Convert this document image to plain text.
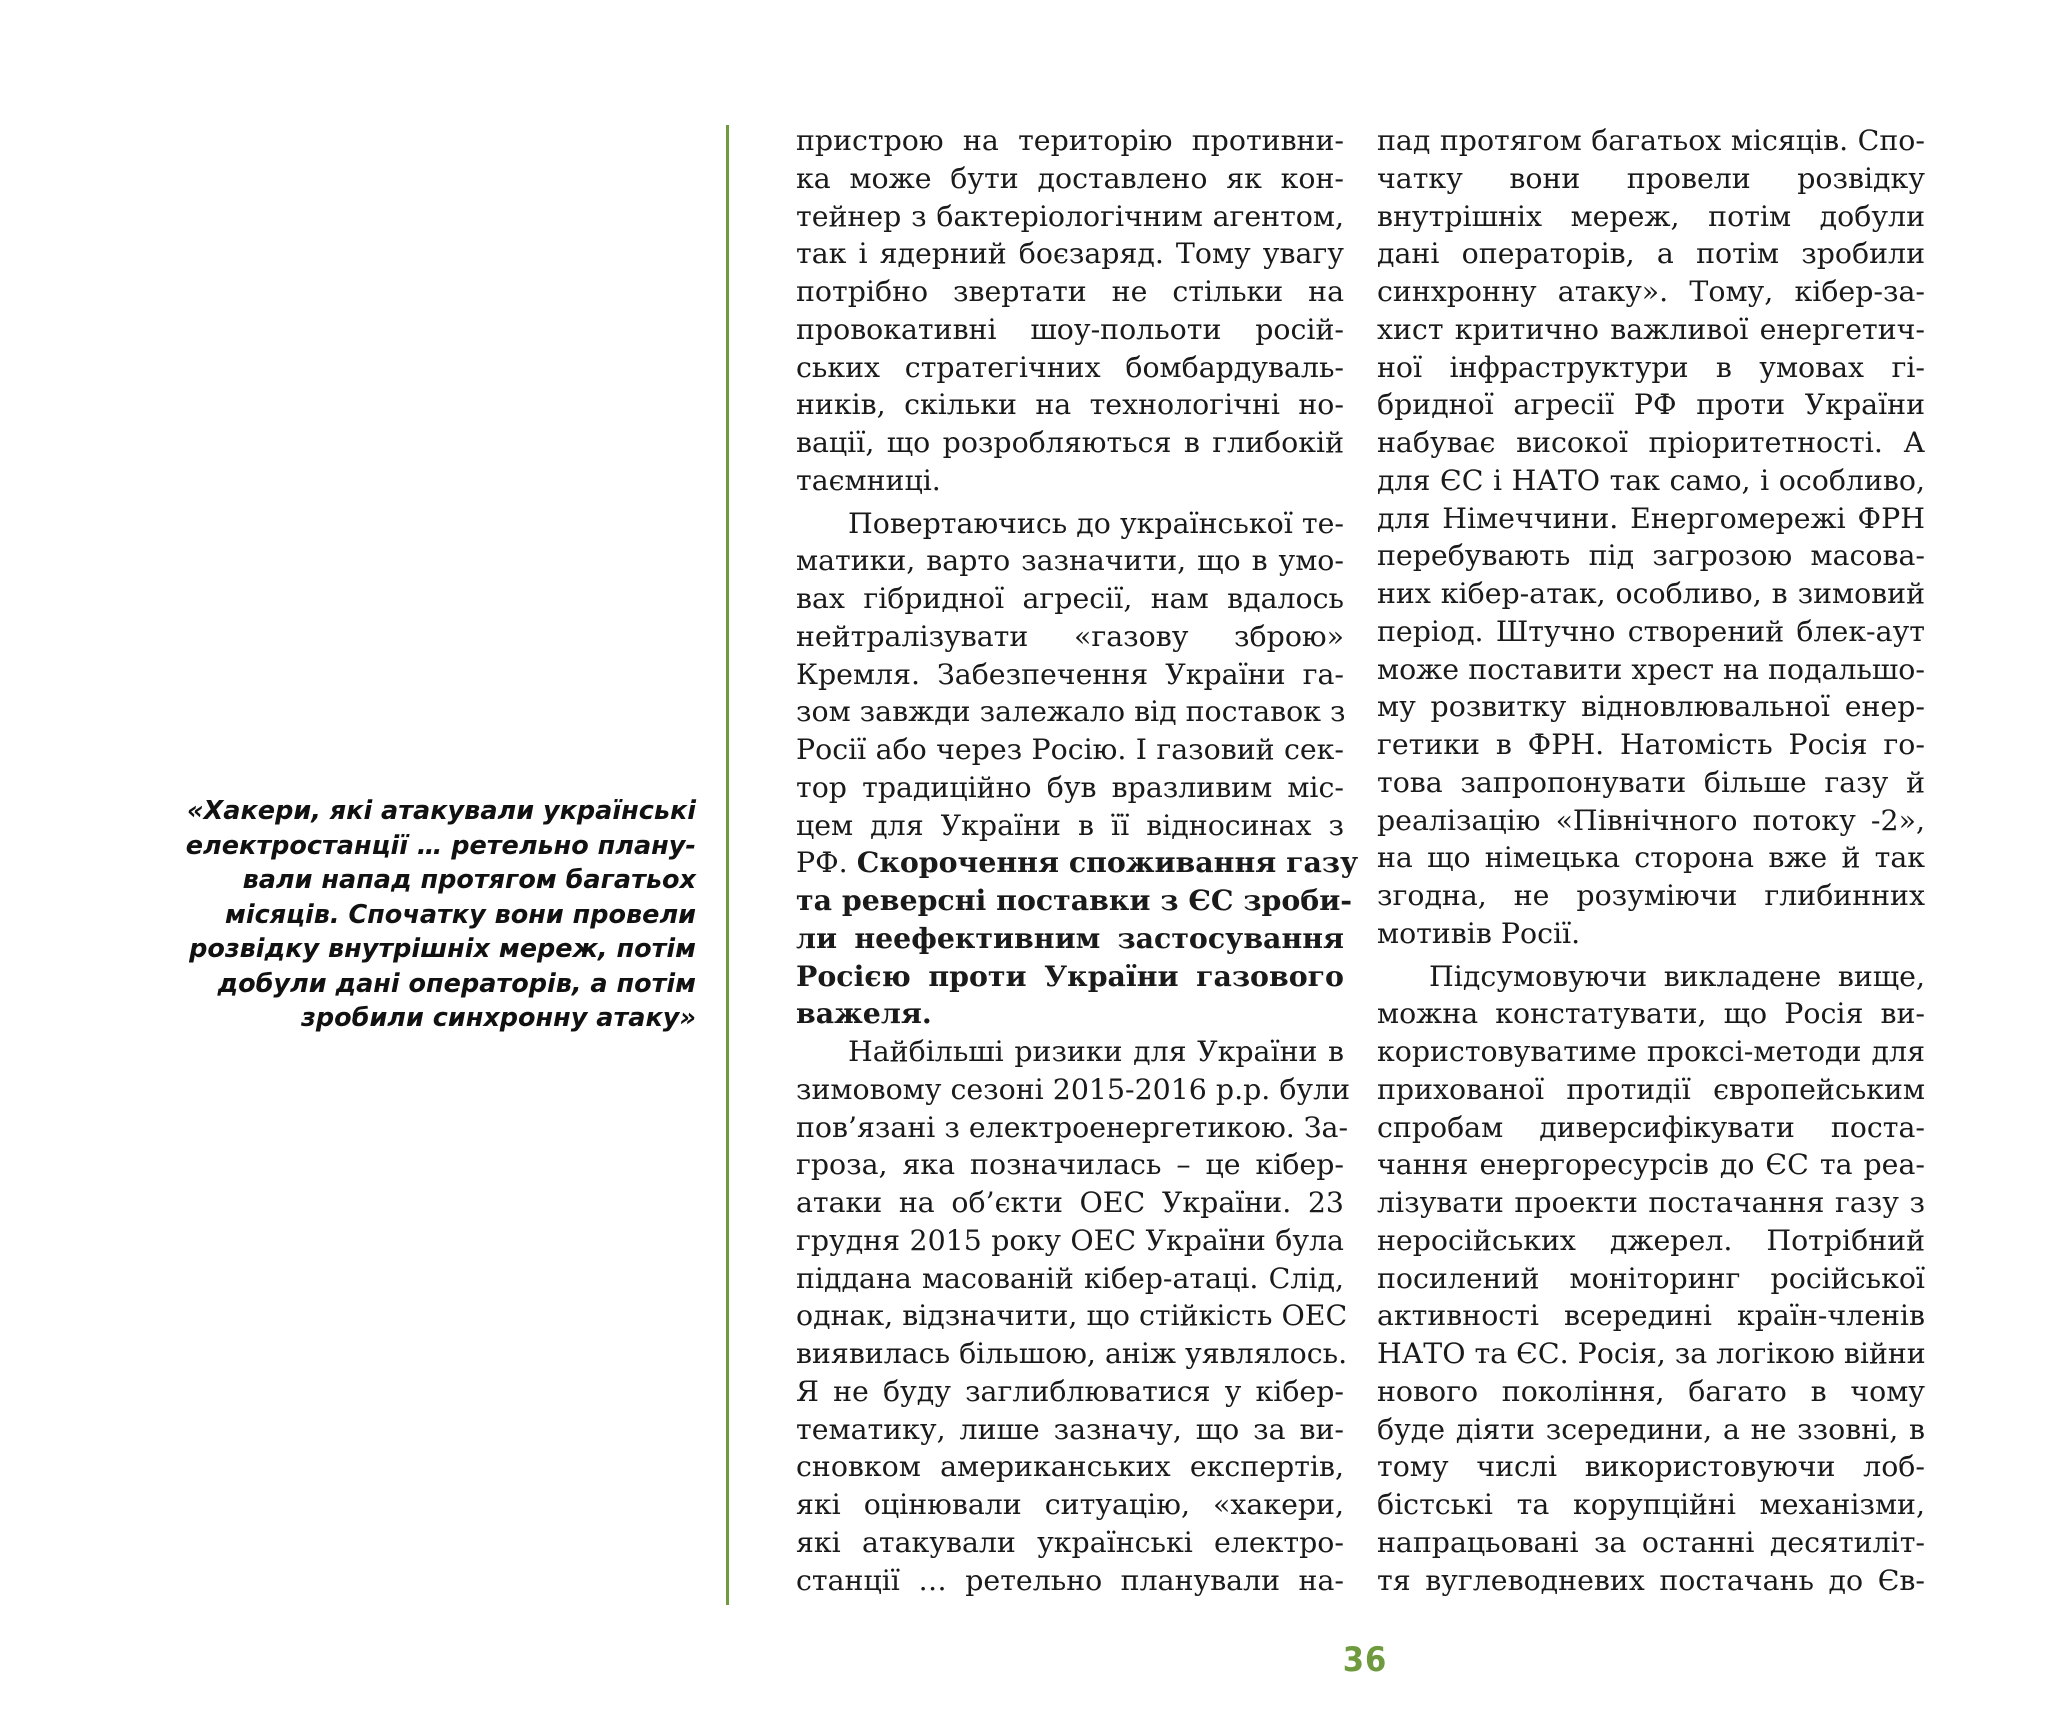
«Хакери, які атакували українські
електростанції … ретельно плану-
вали напад протягом багатьох
місяців. Спочатку вони провели
розвідку внутрішніх мереж, потім
добули дані операторів, а потім
зробили синхронну атаку»
пристрою на територію противни-
ка може бути доставлено як кон-
тейнер з бактеріологічним агентом,
так і ядерний боєзаряд. Тому увагу
потрібно звертати не стільки на
провокативні шоу-польоти росій-
ських стратегічних бомбардуваль-
ників, скільки на технологічні но-
вації, що розробляються в глибокій
таємниці.
Повертаючись до української те-
матики, варто зазначити, що в умо-
вах гібридної агресії, нам вдалось
нейтралізувати «газову зброю»
Кремля. Забезпечення України га-
зом завжди залежало від поставок з
Росії або через Росію. І газовий сек-
тор традиційно був вразливим міс-
цем для України в її відносинах з
РФ. Скорочення споживання газу
та реверсні поставки з ЄС зроби-
ли неефективним застосування
Росією проти України газового
важеля.
Найбільші ризики для України в
зимовому сезоні 2015-2016 р.р. були
пов’язані з електроенергетикою. За-
гроза, яка позначилась – це кібер-
атаки на об’єкти ОЕС України. 23
грудня 2015 року ОЕС України була
піддана масованій кібер-атаці. Слід,
однак, відзначити, що стійкість ОЕС
виявилась більшою, аніж уявлялось.
Я не буду заглиблюватися у кібер-
тематику, лише зазначу, що за ви-
сновком американських експертів,
які оцінювали ситуацію, «хакери,
які атакували українські електро-
станції … ретельно планували на-
пад протягом багатьох місяців. Спо-
чатку вони провели розвідку
внутрішніх мереж, потім добули
дані операторів, а потім зробили
синхронну атаку». Тому, кібер-за-
хист критично важливої енергетич-
ної інфраструктури в умовах гі-
бридної агресії РФ проти України
набуває високої пріоритетності. А
для ЄС і НАТО так само, і особливо,
для Німеччини. Енергомережі ФРН
перебувають під загрозою масова-
них кібер-атак, особливо, в зимовий
період. Штучно створений блек-аут
може поставити хрест на подальшо-
му розвитку відновлювальної енер-
гетики в ФРН. Натомість Росія го-
това запропонувати більше газу й
реалізацію «Північного потоку -2»,
на що німецька сторона вже й так
згодна, не розуміючи глибинних
мотивів Росії.
Підсумовуючи викладене вище,
можна констатувати, що Росія ви-
користовуватиме проксі-методи для
прихованої протидії європейським
спробам диверсифікувати поста-
чання енергоресурсів до ЄС та реа-
лізувати проекти постачання газу з
неросійських джерел. Потрібний
посилений моніторинг російської
активності всередині країн-членів
НАТО та ЄС. Росія, за логікою війни
нового покоління, багато в чому
буде діяти зсередини, а не ззовні, в
тому числі використовуючи лоб-
бістські та корупційні механізми,
напрацьовані за останні десятиліт-
тя вуглеводневих постачань до Єв-
36
